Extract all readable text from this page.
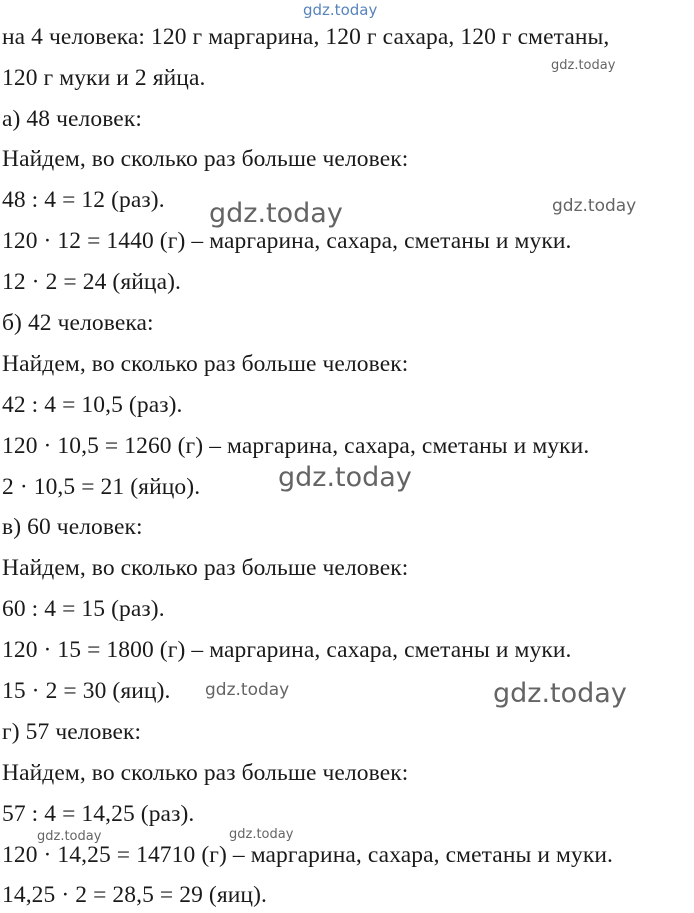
на 4 человека: 120 г маргарина, 120 г сахара, 120 г сметаны,
120 г муки и 2 яйца.
а) 48 человек:
Найдем, во сколько раз больше человек:
48 : 4 = 12 (раз).
120 · 12 = 1440 (г) – маргарина, сахара, сметаны и муки.
12 · 2 = 24 (яйца).
б) 42 человека:
Найдем, во сколько раз больше человек:
42 : 4 = 10,5 (раз).
120 · 10,5 = 1260 (г) – маргарина, сахара, сметаны и муки.
2 · 10,5 = 21 (яйцо).
в) 60 человек:
Найдем, во сколько раз больше человек:
60 : 4 = 15 (раз).
120 · 15 = 1800 (г) – маргарина, сахара, сметаны и муки.
15 · 2 = 30 (яиц).
г) 57 человек:
Найдем, во сколько раз больше человек:
57 : 4 = 14,25 (раз).
120 · 14,25 = 14710 (г) – маргарина, сахара, сметаны и муки.
14,25 · 2 = 28,5 = 29 (яиц).
gdz.today
gdz.today
gdz.today	gdz.today
gdz.today
gdz.today	gdz.today
gdz.today	gdz.today
